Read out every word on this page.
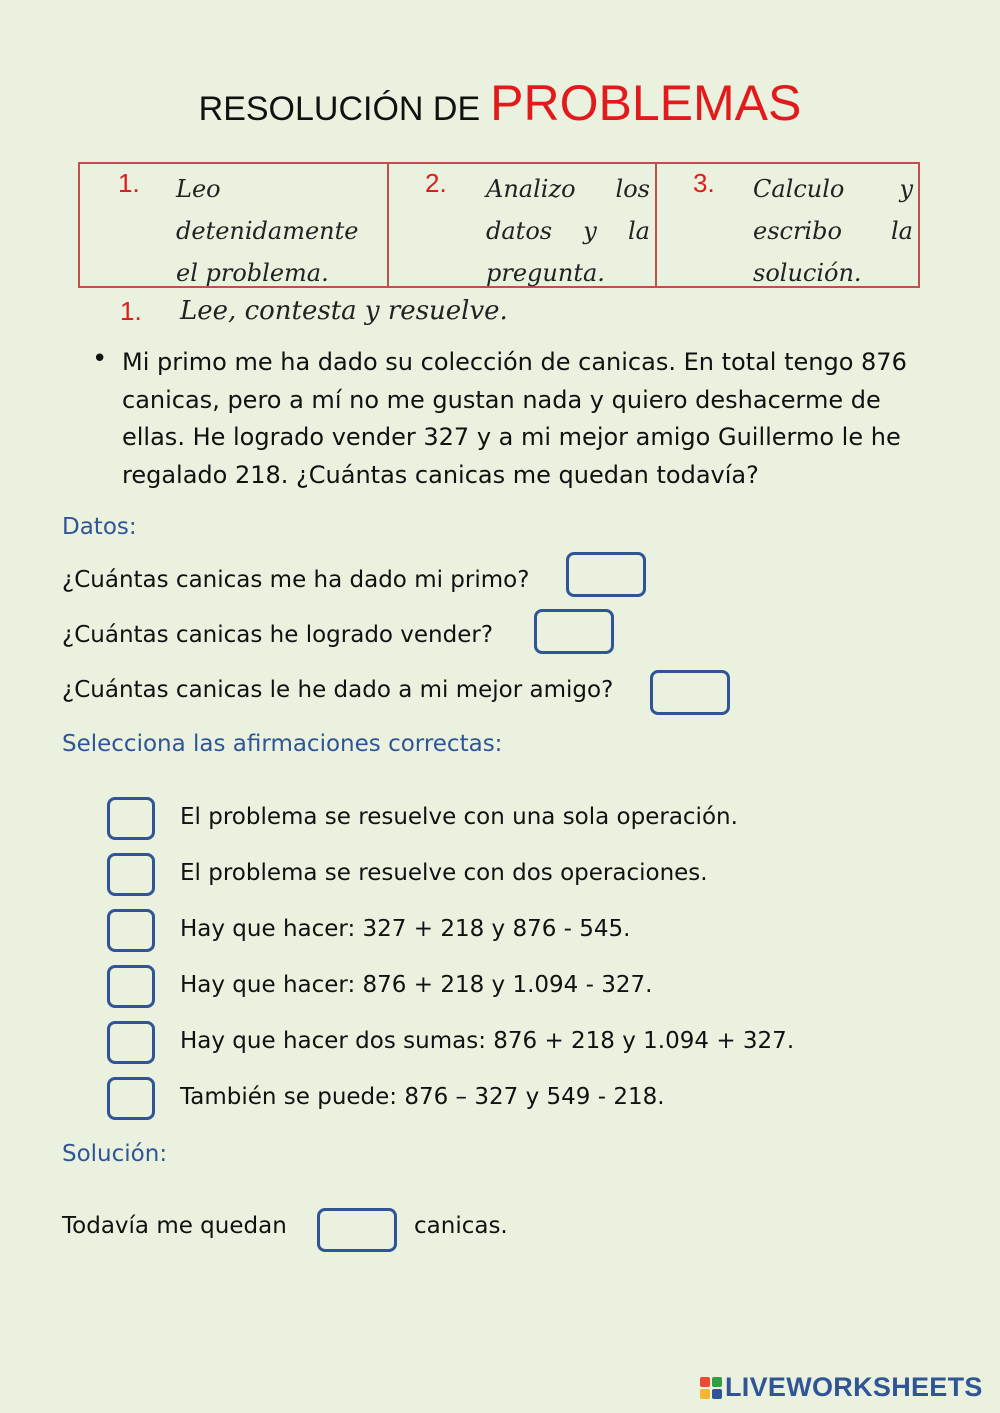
RESOLUCIÓN DE PROBLEMAS
1. Leo detenidamente el problema.
2. Analizo los datos y la pregunta.
3. Calculo y escribo la solución.
1. Lee, contesta y resuelve.
• Mi primo me ha dado su colección de canicas. En total tengo 876 canicas, pero a mí no me gustan nada y quiero deshacerme de ellas. He logrado vender 327 y a mi mejor amigo Guillermo le he regalado 218. ¿Cuántas canicas me quedan todavía?
Datos:
¿Cuántas canicas me ha dado mi primo?
¿Cuántas canicas he logrado vender?
¿Cuántas canicas le he dado a mi mejor amigo?
Selecciona las afirmaciones correctas:
El problema se resuelve con una sola operación.
El problema se resuelve con dos operaciones.
Hay que hacer: 327 + 218 y 876 - 545.
Hay que hacer: 876 + 218 y 1.094 - 327.
Hay que hacer dos sumas: 876 + 218 y 1.094 + 327.
También se puede: 876 – 327 y 549 - 218.
Solución:
Todavía me quedan	canicas.
LIVEWORKSHEETS
